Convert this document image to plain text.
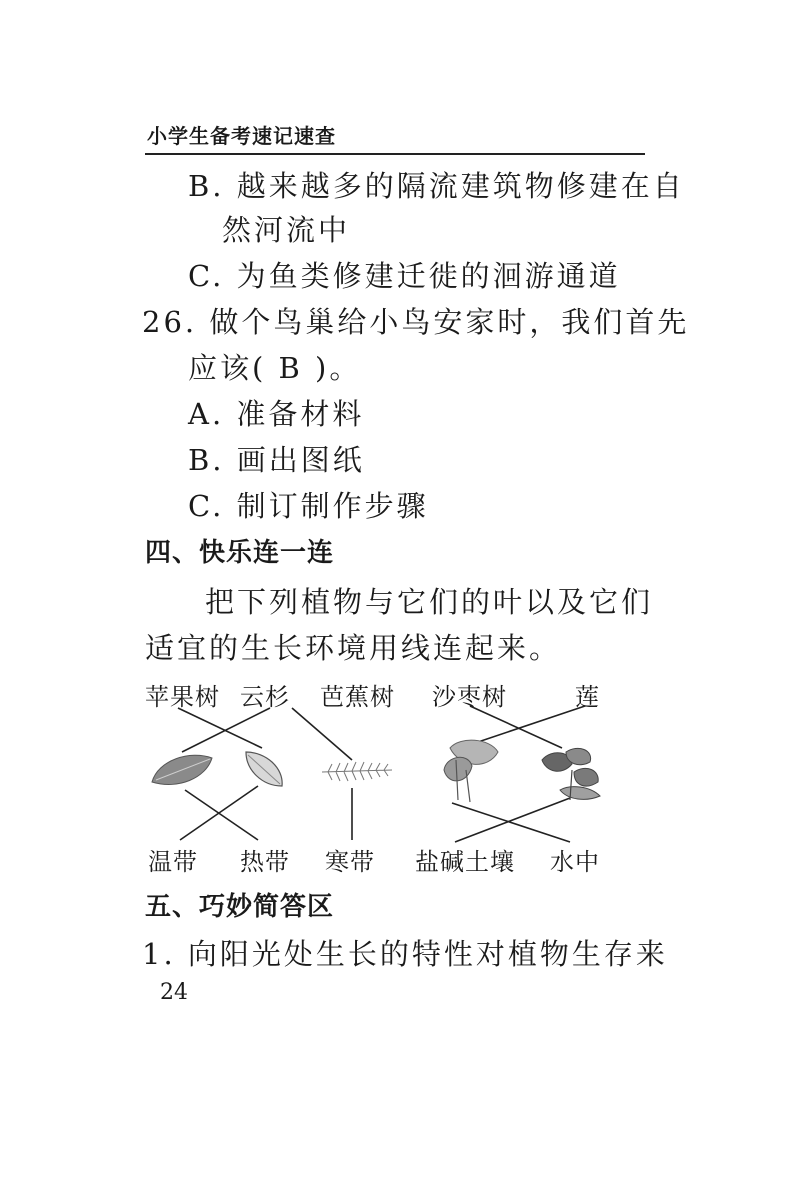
小学生备考速记速查
B. 越来越多的隔流建筑物修建在自
然河流中
C. 为鱼类修建迁徙的洄游通道
26. 做个鸟巢给小鸟安家时，我们首先
应该( B )。
A. 准备材料
B. 画出图纸
C. 制订制作步骤
四、快乐连一连
把下列植物与它们的叶以及它们
适宜的生长环境用线连起来。
苹果树 云杉 芭蕉树 沙枣树	莲
温带 热带 寒带 盐碱土壤 水中
五、巧妙简答区
1. 向阳光处生长的特性对植物生存来
24
